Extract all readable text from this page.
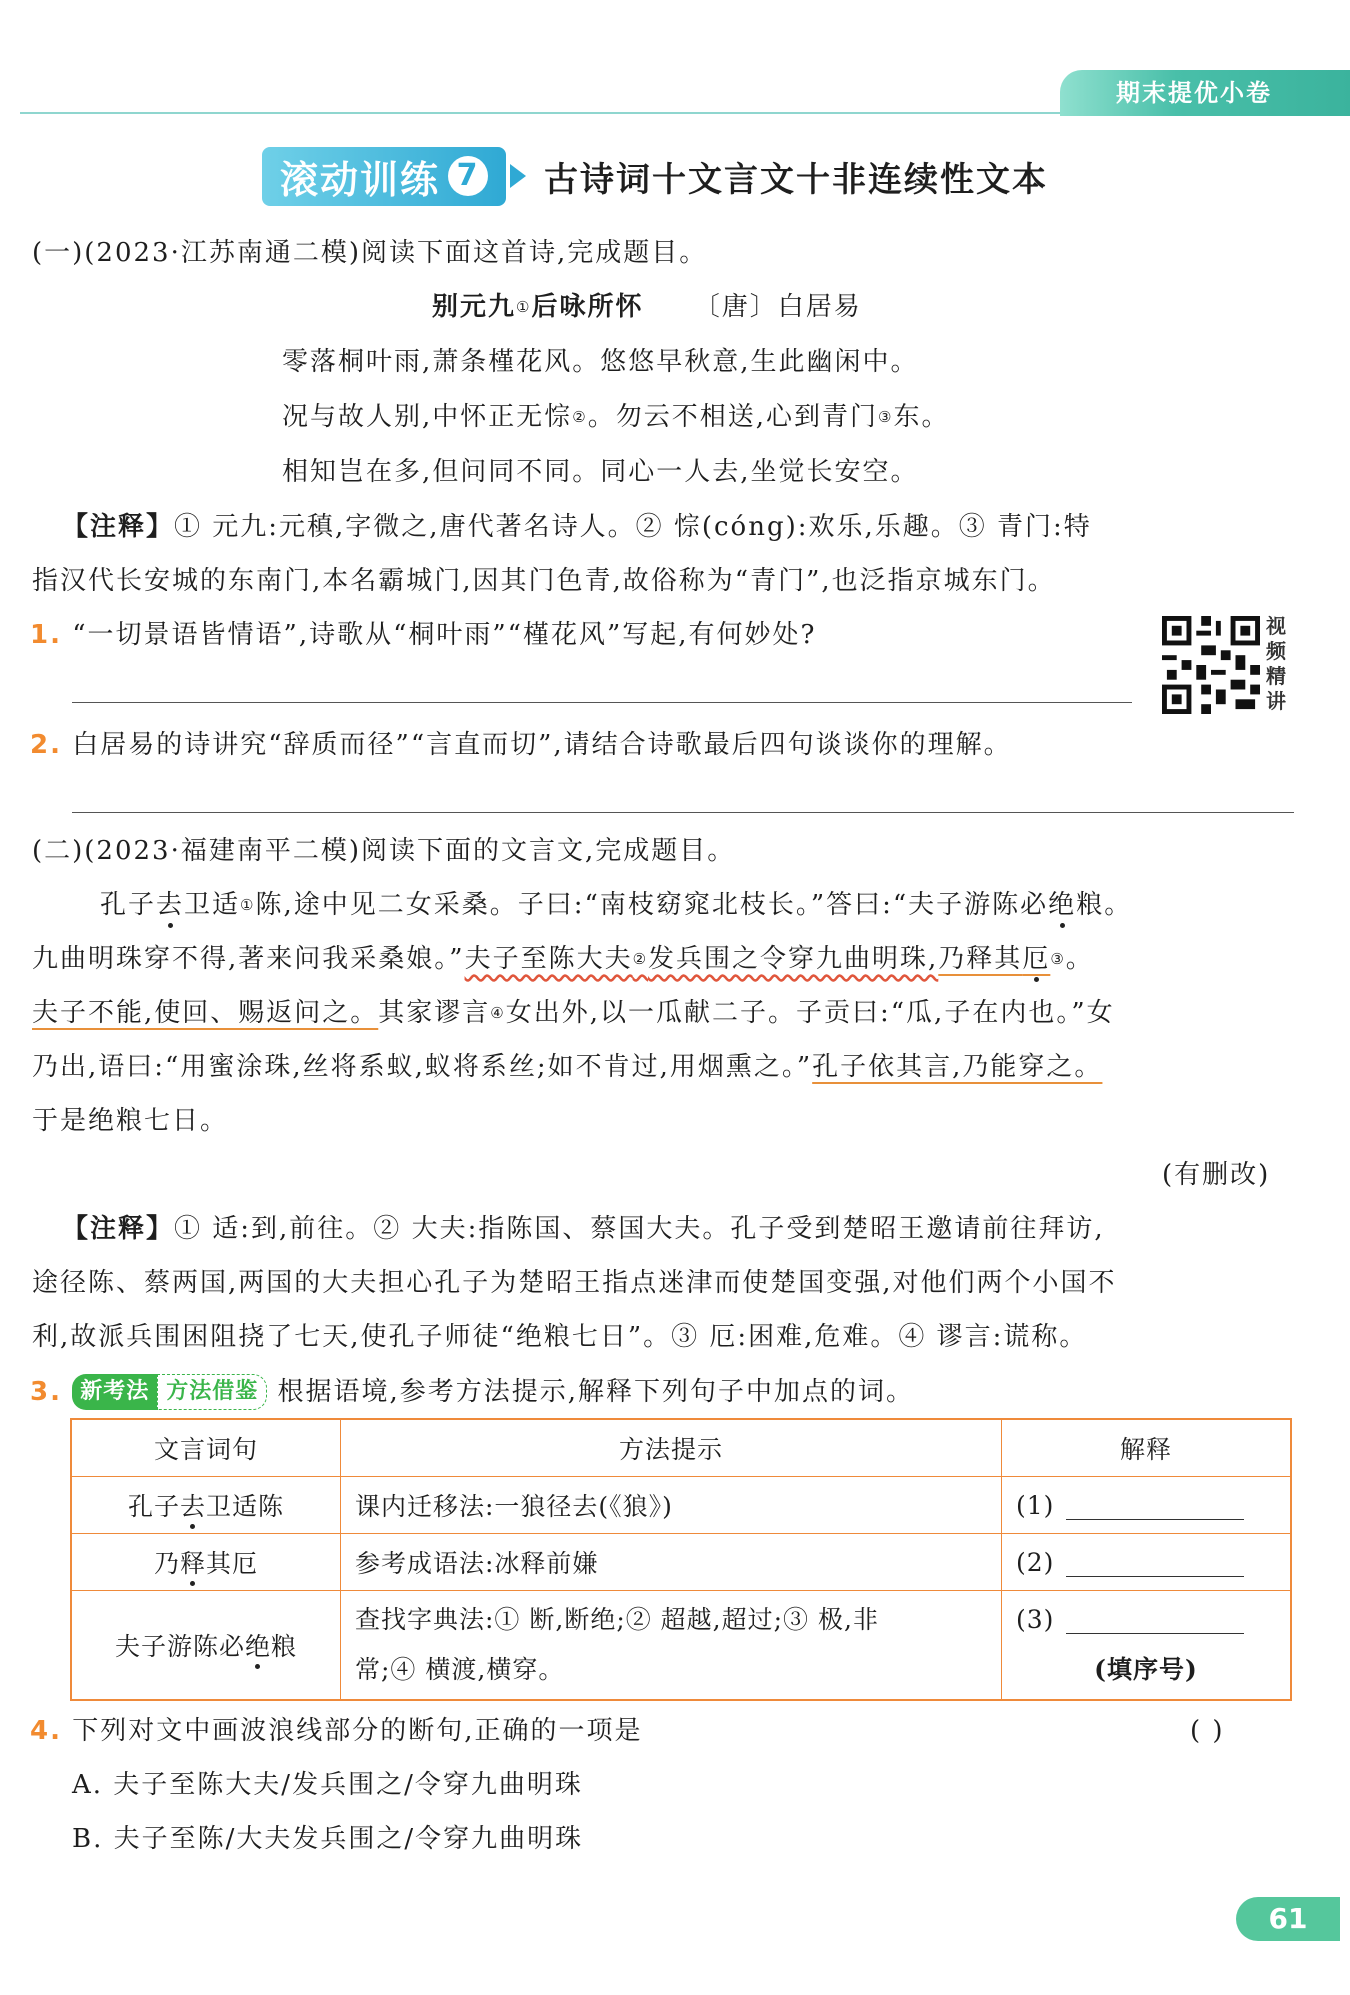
期末提优小卷
滚动训练 7 古诗词十文言文十非连续性文本
(一)(2023·江苏南通二模)阅读下面这首诗,完成题目。
别元九①后咏所怀 〔唐〕白居易
零落桐叶雨,萧条槿花风。悠悠早秋意,生此幽闲中。
况与故人别,中怀正无悰②。勿云不相送,心到青门③东。
相知岂在多,但问同不同。同心一人去,坐觉长安空。
【注释】① 元九:元稹,字微之,唐代著名诗人。② 悰(cóng):欢乐,乐趣。③ 青门:特
指汉代长安城的东南门,本名霸城门,因其门色青,故俗称为“青门”,也泛指京城东门。
1. “一切景语皆情语”,诗歌从“桐叶雨”“槿花风”写起,有何妙处?	视频精讲
2. 白居易的诗讲究“辞质而径”“言直而切”,请结合诗歌最后四句谈谈你的理解。
(二)(2023·福建南平二模)阅读下面的文言文,完成题目。
孔子去卫适①陈,途中见二女采桑。子曰:“南枝窈窕北枝长。”答曰:“夫子游陈必绝粮。
九曲明珠穿不得,著来问我采桑娘。”夫子至陈大夫②发兵围之令穿九曲明珠,乃释其厄③。
夫子不能,使回、赐返问之。其家谬言④女出外,以一瓜献二子。子贡曰:“瓜,子在内也。”女
乃出,语曰:“用蜜涂珠,丝将系蚁,蚁将系丝;如不肯过,用烟熏之。”孔子依其言,乃能穿之。
于是绝粮七日。
(有删改)
【注释】① 适:到,前往。② 大夫:指陈国、蔡国大夫。孔子受到楚昭王邀请前往拜访,
途径陈、蔡两国,两国的大夫担心孔子为楚昭王指点迷津而使楚国变强,对他们两个小国不
利,故派兵围困阻挠了七天,使孔子师徒“绝粮七日”。③ 厄:困难,危难。④ 谬言:谎称。
3. 新考法 方法借鉴 根据语境,参考方法提示,解释下列句子中加点的词。
文言词句	方法提示	解释
孔子去卫适陈	课内迁移法:一狼径去(《狼》)	(1)
乃释其厄	参考成语法:冰释前嫌	(2)
夫子游陈必绝粮	查找字典法:① 断,断绝;② 超越,超过;③ 极,非
常;④ 横渡,横穿。	(3)

(填序号)
4. 下列对文中画波浪线部分的断句,正确的一项是	( )
A. 夫子至陈大夫/发兵围之/令穿九曲明珠
B. 夫子至陈/大夫发兵围之/令穿九曲明珠
61
